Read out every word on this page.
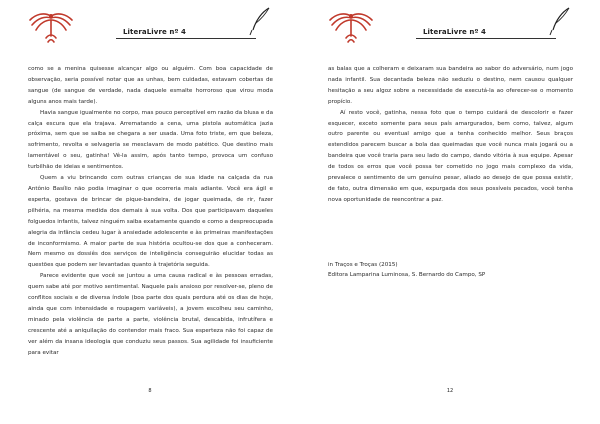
LiteraLivre nº 4

como se a menina quisesse alcançar algo ou alguém. Com boa capacidade de observação, seria possível notar que as unhas, bem cuidadas, estavam cobertas de sangue (de sangue de verdade, nada daquele esmalte horroroso que virou moda alguns anos mais tarde).

Havia sangue igualmente no corpo, mas pouco perceptível em razão da blusa e da calça escura que ela trajava. Arrematando a cena, uma pistola automática jazia próxima, sem que se saiba se chegara a ser usada. Uma foto triste, em que beleza, sofrimento, revolta e selvageria se mesclavam de modo patético. Que destino mais lamentável o seu, gatinha! Vê-la assim, após tanto tempo, provoca um confuso turbilhão de ideias e sentimentos.

Quem a viu brincando com outras crianças de sua idade na calçada da rua Antônio Basílio não podia imaginar o que ocorreria mais adiante. Você era ágil e esperta, gostava de brincar de pique-bandeira, de jogar queimada, de rir, fazer pilhéria, na mesma medida dos demais à sua volta. Dos que participavam daqueles folguedos infantis, talvez ninguém saiba exatamente quando e como a despreocupada alegria da infância cedeu lugar à ansiedade adolescente e às primeiras manifestações de inconformismo. A maior parte de sua história ocultou-se dos que a conheceram. Nem mesmo os dossiês dos serviços de inteligência conseguirão elucidar todas as questões que podem ser levantadas quanto à trajetória seguida.

Parece evidente que você se juntou a uma causa radical e às pessoas erradas, quem sabe até por motivo sentimental. Naquele país ansioso por resolver-se, pleno de conflitos sociais e de diversa índole (boa parte dos quais perdura até os dias de hoje, ainda que com intensidade e roupagem variáveis), a jovem escolheu seu caminho, minado pela violência de parte a parte, violência brutal, descabida, infrutífera e crescente até a aniquilação do contendor mais fraco. Sua esperteza não foi capaz de ver além da insana ideologia que conduziu seus passos. Sua agilidade foi insuficiente para evitar

8
LiteraLivre nº 4

as balas que a colheram e deixaram sua bandeira ao sabor do adversário, num jogo nada infantil. Sua decantada beleza não seduziu o destino, nem causou qualquer hesitação a seu algoz sobre a necessidade de executá-la ao oferecer-se o momento propício.

Aí resto você, gatinha, nessa foto que o tempo cuidará de descolorir e fazer esquecer, exceto somente para seus país amargurados, bem como, talvez, algum outro parente ou eventual amigo que a tenha conhecido melhor. Seus braços estendidos parecem buscar a bola das queimadas que você nunca mais jogará ou a bandeira que você traria para seu lado do campo, dando vitória à sua equipe. Apesar de todos os erros que você possa ter cometido no jogo mais complexo da vida, prevalece o sentimento de um genuíno pesar, aliado ao desejo de que possa existir, de fato, outra dimensão em que, expurgada dos seus possíveis pecados, você tenha nova oportunidade de reencontrar a paz.

in Traços e Troças (2015)
Editora Lamparina Luminosa, S. Bernardo do Campo, SP
12
